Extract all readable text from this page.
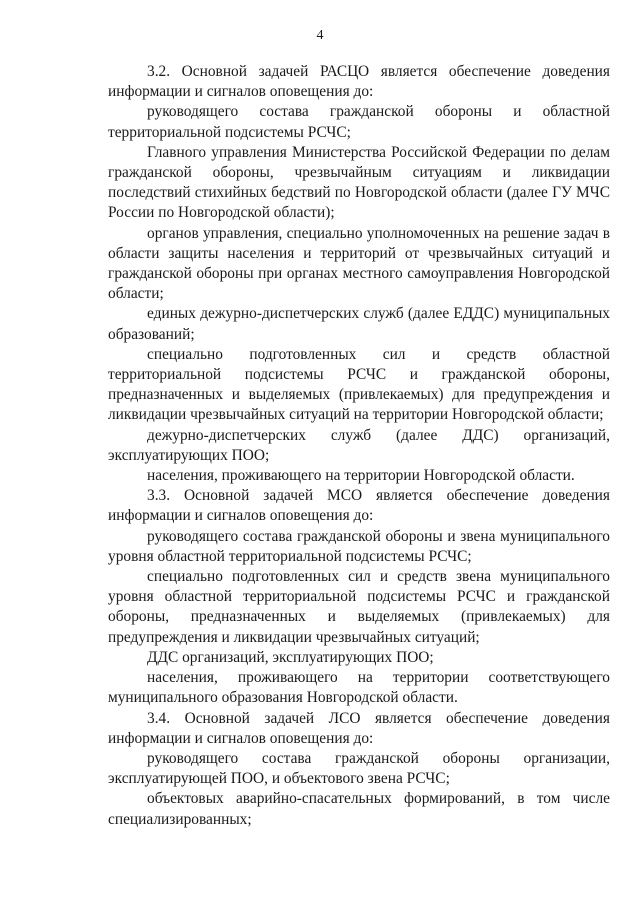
4

3.2. Основной задачей РАСЦО является обеспечение доведения информации и сигналов оповещения до:

руководящего состава гражданской обороны и областной территориальной подсистемы РСЧС;

Главного управления Министерства Российской Федерации по делам гражданской обороны, чрезвычайным ситуациям и ликвидации последствий стихийных бедствий по Новгородской области (далее ГУ МЧС России по Новгородской области);

органов управления, специально уполномоченных на решение задач в области защиты населения и территорий от чрезвычайных ситуаций и гражданской обороны при органах местного самоуправления Новгородской области;

единых дежурно-диспетчерских служб (далее ЕДДС) муниципальных образований;

специально подготовленных сил и средств областной территориальной подсистемы РСЧС и гражданской обороны, предназначенных и выделяемых (привлекаемых) для предупреждения и ликвидации чрезвычайных ситуаций на территории Новгородской области;

дежурно-диспетчерских служб (далее ДДС) организаций, эксплуатирующих ПОО;

населения, проживающего на территории Новгородской области.

3.3. Основной задачей МСО является обеспечение доведения информации и сигналов оповещения до:

руководящего состава гражданской обороны и звена муниципального уровня областной территориальной подсистемы РСЧС;

специально подготовленных сил и средств звена муниципального уровня областной территориальной подсистемы РСЧС и гражданской обороны, предназначенных и выделяемых (привлекаемых) для предупреждения и ликвидации чрезвычайных ситуаций;

ДДС организаций, эксплуатирующих ПОО;

населения, проживающего на территории соответствующего муниципального образования Новгородской области.

3.4. Основной задачей ЛСО является обеспечение доведения информации и сигналов оповещения до:

руководящего состава гражданской обороны организации, эксплуатирующей ПОО, и объектового звена РСЧС;

объектовых аварийно-спасательных формирований, в том числе специализированных;
